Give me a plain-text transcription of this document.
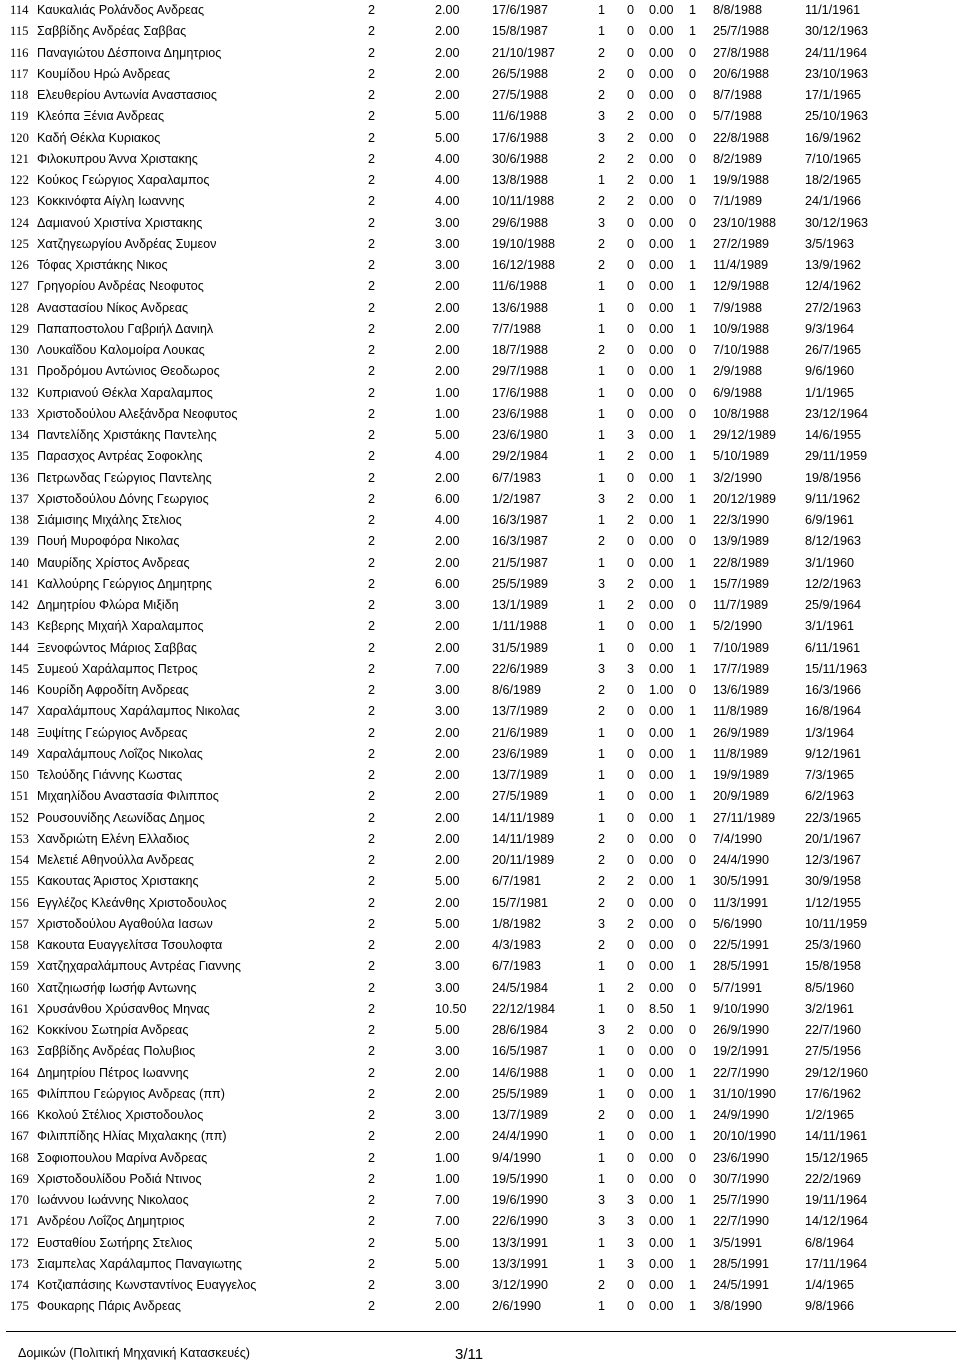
114 Καυκαλιάς Ρολάνδος Ανδρεας	2	2.00	17/6/1987	1 0 0.00 1 8/8/1988	11/1/1961
115 Σαββίδης Ανδρέας Σαββας	2	2.00	15/8/1987	1 0 0.00 1 25/7/1988	30/12/1963
116 Παναγιώτου Δέσποινα Δημητριος	2	2.00	21/10/1987	2 0 0.00 0 27/8/1988	24/11/1964
117 Κουμίδου Ηρώ Ανδρεας	2	2.00	26/5/1988	2 0 0.00 0 20/6/1988	23/10/1963
118 Ελευθερίου Αντωνία Αναστασιος	2	2.00	27/5/1988	2 0 0.00 0 8/7/1988	17/1/1965
119 Κλεόπα Ξένια Ανδρεας	2	5.00	11/6/1988	3 2 0.00 0 5/7/1988	25/10/1963
120 Καδή Θέκλα Κυριακος	2	5.00	17/6/1988	3 2 0.00 0 22/8/1988	16/9/1962
121 Φιλοκυπρου Άννα Χριστακης	2	4.00	30/6/1988	2 2 0.00 0 8/2/1989	7/10/1965
122 Κούκος Γεώργιος Χαραλαμπος	2	4.00	13/8/1988	1 2 0.00 1 19/9/1988	18/2/1965
123 Κοκκινόφτα Αίγλη Ιωαννης	2	4.00	10/11/1988	2 2 0.00 0 7/1/1989	24/1/1966
124 Δαμιανού Χριστίνα Χριστακης	2	3.00	29/6/1988	3 0 0.00 0 23/10/1988 30/12/1963
125 Χατζηγεωργίου Ανδρέας Συμεον	2	3.00	19/10/1988	2 0 0.00 1 27/2/1989	3/5/1963
126 Τόφας Χριστάκης Νικος	2	3.00	16/12/1988	2 0 0.00 1 11/4/1989	13/9/1962
127 Γρηγορίου Ανδρέας Νεοφυτος	2	2.00	11/6/1988	1 0 0.00 1 12/9/1988	12/4/1962
128 Αναστασίου Νίκος Ανδρεας	2	2.00	13/6/1988	1 0 0.00 1 7/9/1988	27/2/1963
129 Παπαποστολου Γαβριήλ Δανιηλ	2	2.00	7/7/1988	1 0 0.00 1 10/9/1988	9/3/1964
130 Λουκαΐδου Καλομοίρα Λουκας	2	2.00	18/7/1988	2 0 0.00 0 7/10/1988	26/7/1965
131 Προδρόμου Αντώνιος Θεοδωρος	2	2.00	29/7/1988	1 0 0.00 1 2/9/1988	9/6/1960
132 Κυπριανού Θέκλα Χαραλαμπος	2	1.00	17/6/1988	1 0 0.00 0 6/9/1988	1/1/1965
133 Χριστοδούλου Αλεξάνδρα Νεοφυτος	2	1.00	23/6/1988	1 0 0.00 0 10/8/1988	23/12/1964
134 Παντελίδης Χριστάκης Παντελης	2	5.00	23/6/1980	1 3 0.00 1 29/12/1989 14/6/1955
135 Παρασχος Αντρέας Σοφοκλης	2	4.00	29/2/1984	1 2 0.00 1 5/10/1989	29/11/1959
136 Πετρωνδας Γεώργιος Παντελης	2	2.00	6/7/1983	1 0 0.00 1 3/2/1990	19/8/1956
137 Χριστοδούλου Δόνης Γεωργιος	2	6.00	1/2/1987	3 2 0.00 1 20/12/1989 9/11/1962
138 Σιάμισιης Μιχάλης Στελιος	2	4.00	16/3/1987	1 2 0.00 1 22/3/1990	6/9/1961
139 Πουή Μυροφόρα Νικολας	2	2.00	16/3/1987	2 0 0.00 0 13/9/1989	8/12/1963
140 Μαυρίδης Χρίστος Ανδρεας	2	2.00	21/5/1987	1 0 0.00 1 22/8/1989	3/1/1960
141 Καλλούρης Γεώργιος Δημητρης	2	6.00	25/5/1989	3 2 0.00 1 15/7/1989	12/2/1963
142 Δημητρίου Φλώρα Μιξiδη	2	3.00	13/1/1989	1 2 0.00 0 11/7/1989	25/9/1964
143 Κεβερης Μιχαήλ Χαραλαμπος	2	2.00	1/11/1988	1 0 0.00 1 5/2/1990	3/1/1961
144 Ξενοφώντος Μάριος Σαββας	2	2.00	31/5/1989	1 0 0.00 1 7/10/1989	6/11/1961
145 Συμεού Χαράλαμπος Πετρος	2	7.00	22/6/1989	3 3 0.00 1 17/7/1989	15/11/1963
146 Κουρίδη Αφροδίτη Ανδρεας	2	3.00	8/6/1989	2 0 1.00 0 13/6/1989	16/3/1966
147 Χαραλάμπους Χαράλαμπος Νικολας	2	3.00	13/7/1989	2 0 0.00 1 11/8/1989	16/8/1964
148 Ξυψίτης Γεώργιος Ανδρεας	2	2.00	21/6/1989	1 0 0.00 1 26/9/1989	1/3/1964
149 Χαραλάμπους Λοΐζος Νικολας	2	2.00	23/6/1989	1 0 0.00 1 11/8/1989	9/12/1961
150 Τελούδης Γιάννης Κωστας	2	2.00	13/7/1989	1 0 0.00 1 19/9/1989	7/3/1965
151 Μιχαηλίδου Αναστασία Φιλιππος	2	2.00	27/5/1989	1 0 0.00 1 20/9/1989	6/2/1963
152 Ρουσουνίδης Λεωνίδας Δημος	2	2.00	14/11/1989	1 0 0.00 1 27/11/1989 22/3/1965
153 Χανδριώτη Ελένη Ελλαδιος	2	2.00	14/11/1989	2 0 0.00 0 7/4/1990	20/1/1967
154 Μελετιέ Αθηνούλλα Ανδρεας	2	2.00	20/11/1989	2 0 0.00 0 24/4/1990	12/3/1967
155 Κακουτας Άριστος Χριστακης	2	5.00	6/7/1981	2 2 0.00 1 30/5/1991	30/9/1958
156 Εγγλέζος Κλεάνθης Χριστοδουλος	2	2.00	15/7/1981	2 0 0.00 0 11/3/1991	1/12/1955
157 Χριστοδούλου Αγαθούλα Ιασων	2	5.00	1/8/1982	3 2 0.00 0 5/6/1990	10/11/1959
158 Κακουτα Ευαγγελίτσα Τσουλοφτα	2	2.00	4/3/1983	2 0 0.00 0 22/5/1991	25/3/1960
159 Χατζηχαραλάμπους Αντρέας Γιαννης	2	3.00	6/7/1983	1 0 0.00 1 28/5/1991	15/8/1958
160 Χατζηιωσήφ Ιωσήφ Αντωνης	2	3.00	24/5/1984	1 2 0.00 0 5/7/1991	8/5/1960
161 Χρυσάνθου Χρύσανθος Μηνας	2	10.50 22/12/1984	1 0 8.50 1 9/10/1990	3/2/1961
162 Κοκκίνου Σωτηρία Ανδρεας	2	5.00	28/6/1984	3 2 0.00 0 26/9/1990	22/7/1960
163 Σαββίδης Ανδρέας Πολυβιος	2	3.00	16/5/1987	1 0 0.00 0 19/2/1991	27/5/1956
164 Δημητρίου Πέτρος Ιωαννης	2	2.00	14/6/1988	1 0 0.00 1 22/7/1990	29/12/1960
165 Φιλίππου Γεώργιος Ανδρεας (ππ)	2	2.00	25/5/1989	1 0 0.00 1 31/10/1990 17/6/1962
166 Κκολού Στέλιος Χριστοδουλος	2	3.00	13/7/1989	2 0 0.00 1 24/9/1990	1/2/1965
167 Φιλιππίδης Ηλίας Μιχαλακης (ππ)	2	2.00	24/4/1990	1 0 0.00 1 20/10/1990 14/11/1961
168 Σοφιοπουλου Μαρίνα Ανδρεας	2	1.00	9/4/1990	1 0 0.00 0 23/6/1990	15/12/1965
169 Χριστοδουλίδου Ροδιά Ντινος	2	1.00	19/5/1990	1 0 0.00 0 30/7/1990	22/2/1969
170 Ιωάννου Ιωάννης Νικολαος	2	7.00	19/6/1990	3 3 0.00 1 25/7/1990	19/11/1964
171 Ανδρέου Λοΐζος Δημητριος	2	7.00	22/6/1990	3 3 0.00 1 22/7/1990	14/12/1964
172 Ευσταθίου Σωτήρης Στελιος	2	5.00	13/3/1991	1 3 0.00 1 3/5/1991	6/8/1964
173 Σιαμπελας Χαράλαμπος Παναγιωτης	2	5.00	13/3/1991	1 3 0.00 1 28/5/1991	17/11/1964
174 Κοτζιαπάσιης Κωνσταντίνος Ευαγγελος	2	3.00	3/12/1990	2 0 0.00 1 24/5/1991	1/4/1965
175 Φουκαρης Πάρις Ανδρεας	2	2.00	2/6/1990	1 0 0.00 1 3/8/1990	9/8/1966
Δομικών (Πολιτική Μηχανική Κατασκευές)	3/11
